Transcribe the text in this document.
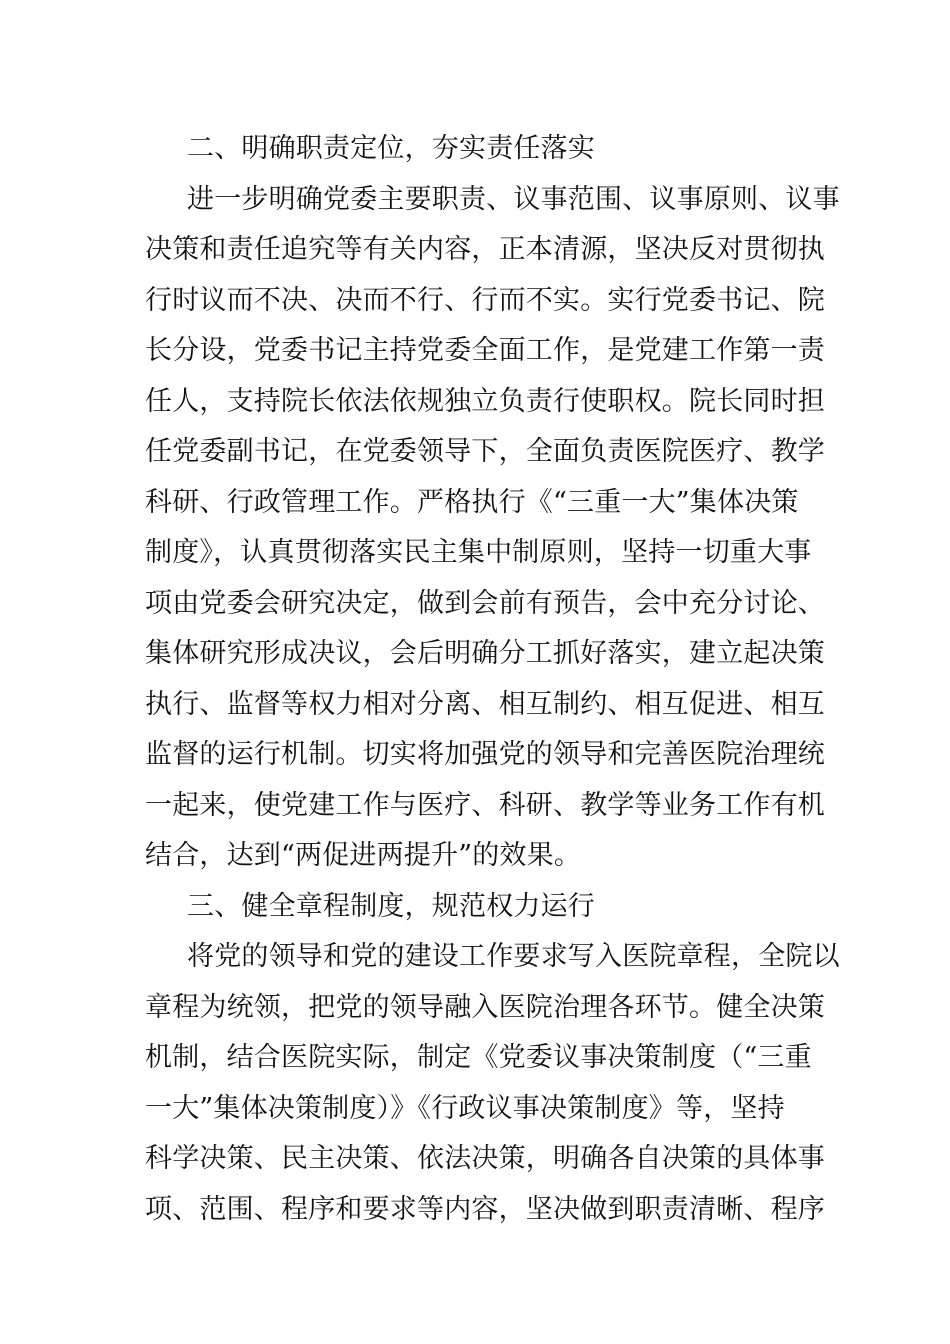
二、明确职责定位，夯实责任落实
进一步明确党委主要职责、议事范围、议事原则、议事
决策和责任追究等有关内容，正本清源，坚决反对贯彻执
行时议而不决、决而不行、行而不实。实行党委书记、院
长分设，党委书记主持党委全面工作，是党建工作第一责
任人，支持院长依法依规独立负责行使职权。院长同时担
任党委副书记，在党委领导下，全面负责医院医疗、教学
科研、行政管理工作。严格执行《“三重一大”集体决策
制度》，认真贯彻落实民主集中制原则，坚持一切重大事
项由党委会研究决定，做到会前有预告，会中充分讨论、
集体研究形成决议，会后明确分工抓好落实，建立起决策
执行、监督等权力相对分离、相互制约、相互促进、相互
监督的运行机制。切实将加强党的领导和完善医院治理统
一起来，使党建工作与医疗、科研、教学等业务工作有机
结合，达到“两促进两提升”的效果。
三、健全章程制度，规范权力运行
将党的领导和党的建设工作要求写入医院章程，全院以
章程为统领，把党的领导融入医院治理各环节。健全决策
机制，结合医院实际，制定《党委议事决策制度（“三重
一大”集体决策制度）》《行政议事决策制度》等，坚持
科学决策、民主决策、依法决策，明确各自决策的具体事
项、范围、程序和要求等内容，坚决做到职责清晰、程序
